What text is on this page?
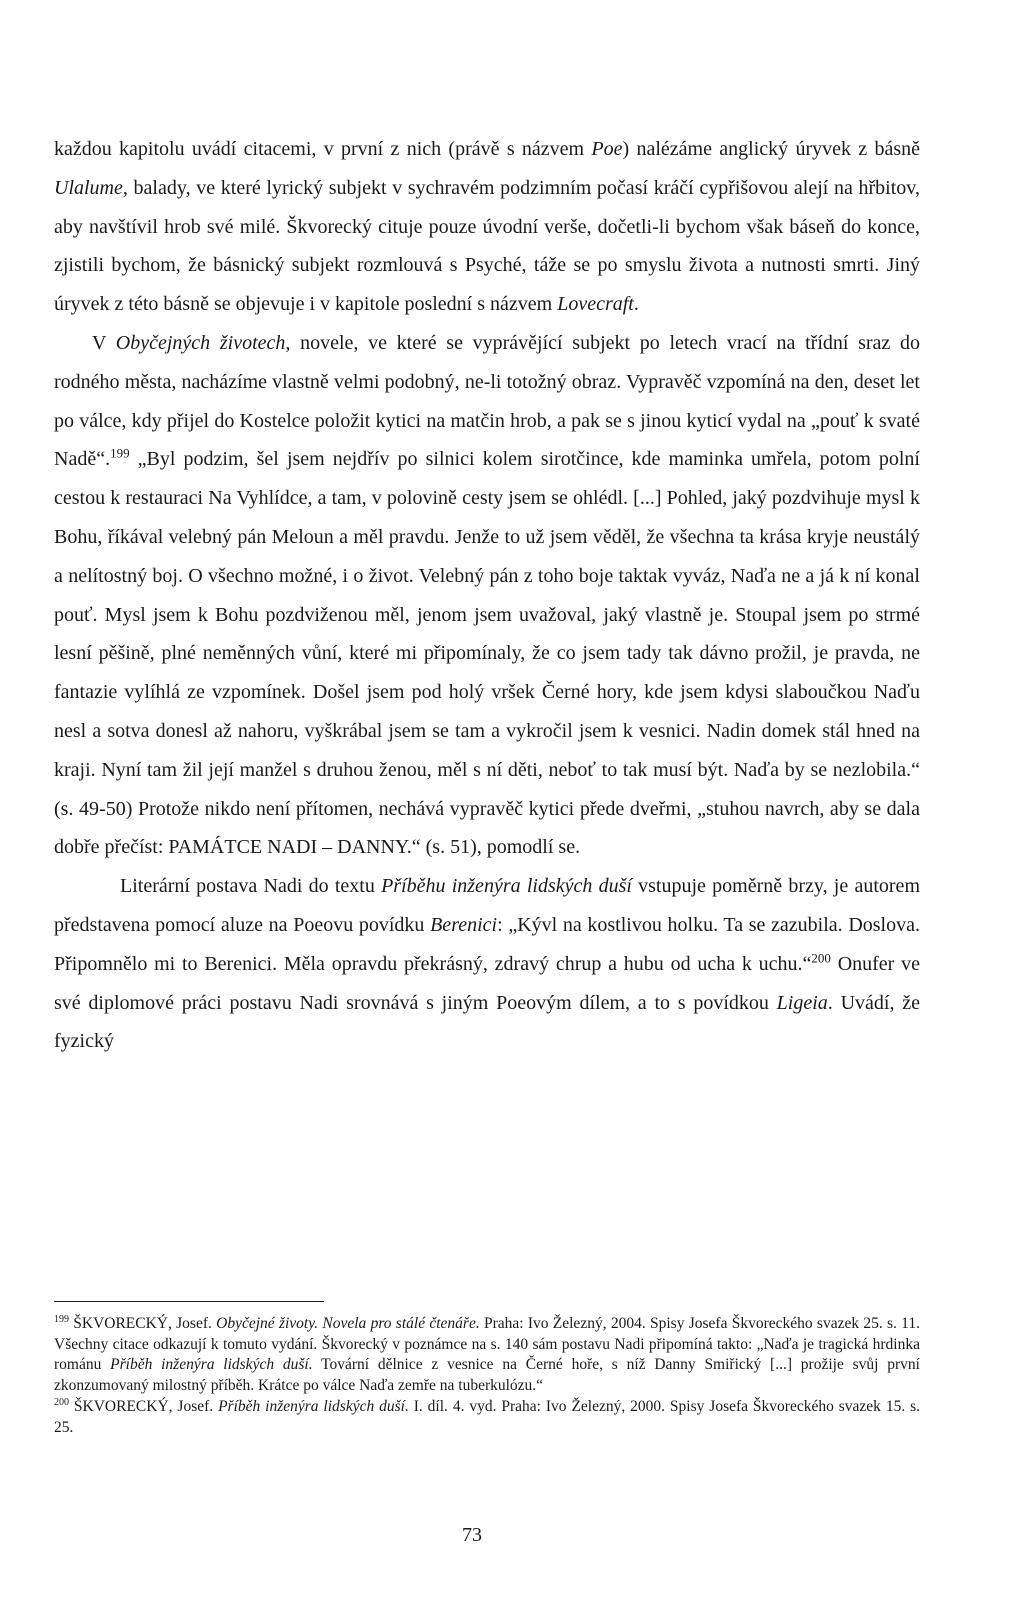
každou kapitolu uvádí citacemi, v první z nich (právě s názvem Poe) nalézáme anglický úryvek z básně Ulalume, balady, ve které lyrický subjekt v sychravém podzimním počasí kráčí cypřišovou alejí na hřbitov, aby navštívil hrob své milé. Škvorecký cituje pouze úvodní verše, dočetli-li bychom však báseň do konce, zjistili bychom, že básnický subjekt rozmlouvá s Psyché, táže se po smyslu života a nutnosti smrti. Jiný úryvek z této básně se objevuje i v kapitole poslední s názvem Lovecraft.

V Obyčejných životech, novele, ve které se vyprávějící subjekt po letech vrací na třídní sraz do rodného města, nacházíme vlastně velmi podobný, ne-li totožný obraz. Vypravěč vzpomíná na den, deset let po válce, kdy přijel do Kostelce položit kytici na matčin hrob, a pak se s jinou kyticí vydal na „pouť k svaté Nadě“.$^{199}$ „Byl podzim, šel jsem nejdřív po silnici kolem sirotčince, kde maminka umřela, potom polní cestou k restauraci Na Vyhlídce, a tam, v polovině cesty jsem se ohlédl. [...] Pohled, jaký pozdvihuje mysl k Bohu, říkával velebný pán Meloun a měl pravdu. Jenže to už jsem věděl, že všechna ta krása kryje neustálý a nelítostný boj. O všechno možné, i o život. Velebný pán z toho boje taktak vyváz, Naďa ne a já k ní konal pouť. Mysl jsem k Bohu pozdviženou měl, jenom jsem uvažoval, jaký vlastně je. Stoupal jsem po strmé lesní pěšině, plné neměnných vůní, které mi připomínaly, že co jsem tady tak dávno prožil, je pravda, ne fantazie vylíhlá ze vzpomínek. Došel jsem pod holý vršek Černé hory, kde jsem kdysi slaboučkou Naďu nesl a sotva donesl až nahoru, vyškrábal jsem se tam a vykročil jsem k vesnici. Nadin domek stál hned na kraji. Nyní tam žil její manžel s druhou ženou, měl s ní děti, neboť to tak musí být. Naďa by se nezlobila.“ (s. 49-50) Protože nikdo není přítomen, nechává vypravěč kytici přede dveřmi, „stuhou navrch, aby se dala dobře přečíst: PAMÁTCE NADI – DANNY.“ (s. 51), pomodlí se.

Literární postava Nadi do textu Příběhu inženýra lidských duší vstupuje poměrně brzy, je autorem představena pomocí aluze na Poeovu povídku Berenici: „Kývl na kostlivou holku. Ta se zazubila. Doslova. Připomnělo mi to Berenici. Měla opravdu překrásný, zdravý chrup a hubu od ucha k uchu.“$^{200}$ Onufer ve své diplomové práci postavu Nadi srovnává s jiným Poeovým dílem, a to s povídkou Ligeia. Uvádí, že fyzický

$^{199}$ ŠKVORECKÝ, Josef. Obyčejné životy. Novela pro stálé čtenáře. Praha: Ivo Železný, 2004. Spisy Josefa Škvoreckého svazek 25. s. 11. Všechny citace odkazují k tomuto vydání. Škvorecký v poznámce na s. 140 sám postavu Nadi připomíná takto: „Naďa je tragická hrdinka románu Příběh inženýra lidských duší. Tovární dělnice z vesnice na Černé hoře, s níž Danny Smiřický [...] prožije svůj první zkonzumovaný milostný příběh. Krátce po válce Naďa zemře na tuberkulózu.“

$^{200}$ ŠKVORECKÝ, Josef. Příběh inženýra lidských duší. I. díl. 4. vyd. Praha: Ivo Železný, 2000. Spisy Josefa Škvoreckého svazek 15. s. 25.

73
